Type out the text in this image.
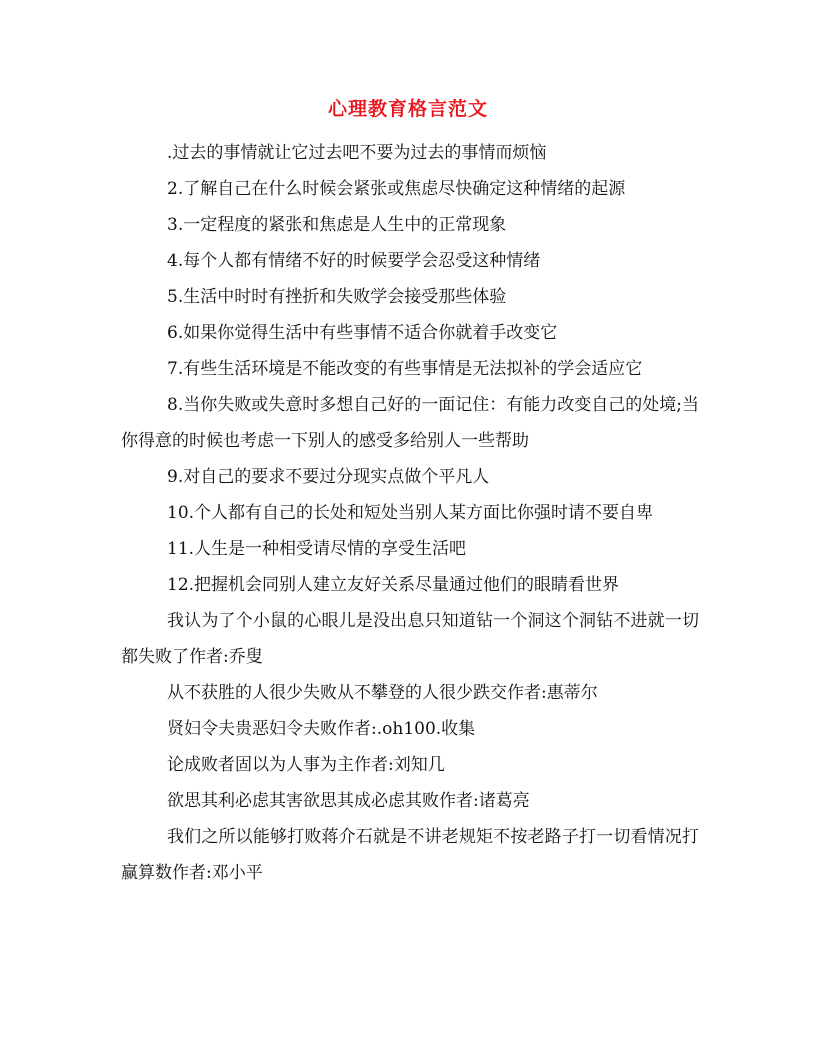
心理教育格言范文

.过去的事情就让它过去吧不要为过去的事情而烦恼

2.了解自己在什么时候会紧张或焦虑尽快确定这种情绪的起源

3.一定程度的紧张和焦虑是人生中的正常现象

4.每个人都有情绪不好的时候要学会忍受这种情绪

5.生活中时时有挫折和失败学会接受那些体验

6.如果你觉得生活中有些事情不适合你就着手改变它

7.有些生活环境是不能改变的有些事情是无法拟补的学会适应它

8.当你失败或失意时多想自己好的一面记住：有能力改变自己的处境;当你得意的时候也考虑一下别人的感受多给别人一些帮助

9.对自己的要求不要过分现实点做个平凡人

10.个人都有自己的长处和短处当别人某方面比你强时请不要自卑

11.人生是一种相受请尽情的享受生活吧

12.把握机会同别人建立友好关系尽量通过他们的眼睛看世界

我认为了个小鼠的心眼儿是没出息只知道钻一个洞这个洞钻不进就一切都失败了作者:乔叟

从不获胜的人很少失败从不攀登的人很少跌交作者:惠蒂尔

贤妇令夫贵恶妇令夫败作者:.oh100.收集

论成败者固以为人事为主作者:刘知几

欲思其利必虑其害欲思其成必虑其败作者:诸葛亮

我们之所以能够打败蒋介石就是不讲老规矩不按老路子打一切看情况打赢算数作者:邓小平
